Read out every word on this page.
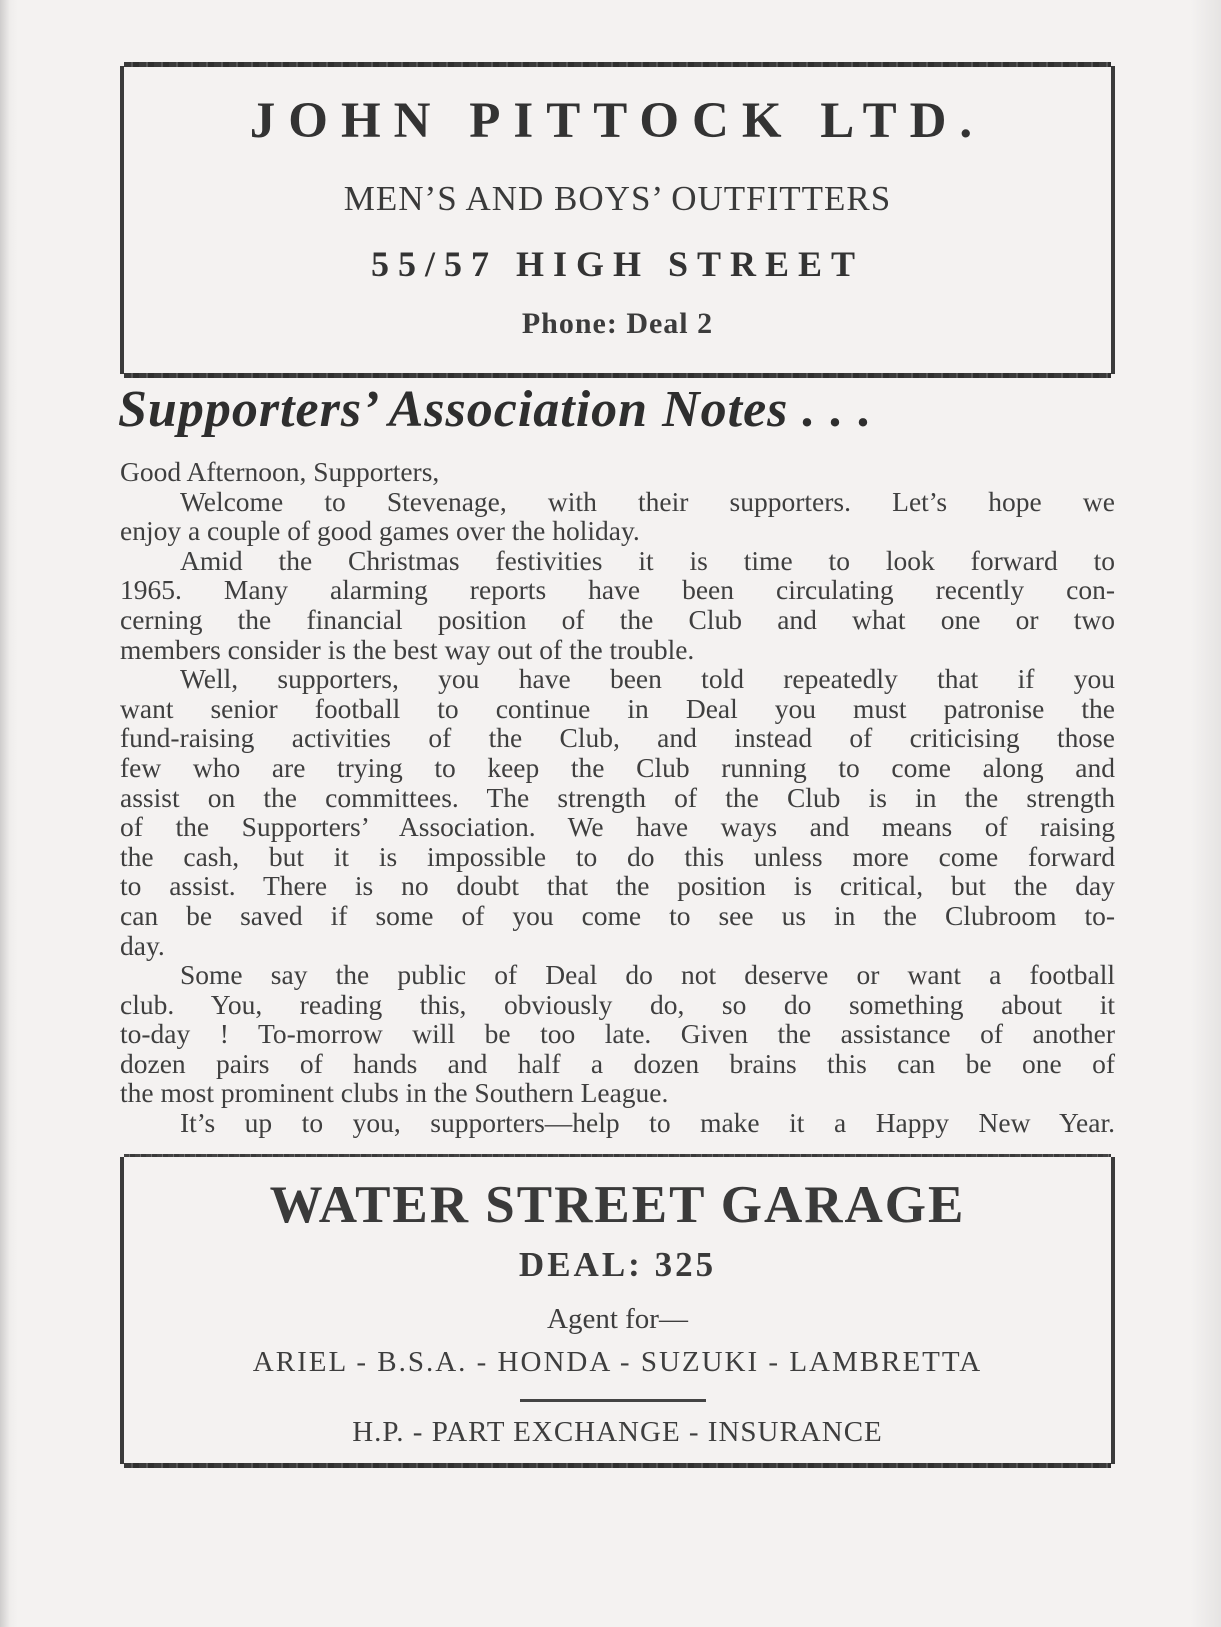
JOHN PITTOCK LTD.
MEN’S AND BOYS’ OUTFITTERS
55/57 HIGH STREET
Phone: Deal 2
Supporters’ Association Notes . . .
Good Afternoon, Supporters,
Welcome to Stevenage, with their supporters. Let’s hope we
enjoy a couple of good games over the holiday.
Amid the Christmas festivities it is time to look forward to
1965. Many alarming reports have been circulating recently con-
cerning the financial position of the Club and what one or two
members consider is the best way out of the trouble.
Well, supporters, you have been told repeatedly that if you
want senior football to continue in Deal you must patronise the
fund-raising activities of the Club, and instead of criticising those
few who are trying to keep the Club running to come along and
assist on the committees. The strength of the Club is in the strength
of the Supporters’ Association. We have ways and means of raising
the cash, but it is impossible to do this unless more come forward
to assist. There is no doubt that the position is critical, but the day
can be saved if some of you come to see us in the Clubroom to-
day.
Some say the public of Deal do not deserve or want a football
club. You, reading this, obviously do, so do something about it
to-day ! To-morrow will be too late. Given the assistance of another
dozen pairs of hands and half a dozen brains this can be one of
the most prominent clubs in the Southern League.
It’s up to you, supporters—help to make it a Happy New Year.
WATER STREET GARAGE
DEAL: 325
Agent for—
ARIEL - B.S.A. - HONDA - SUZUKI - LAMBRETTA
H.P. - PART EXCHANGE - INSURANCE
